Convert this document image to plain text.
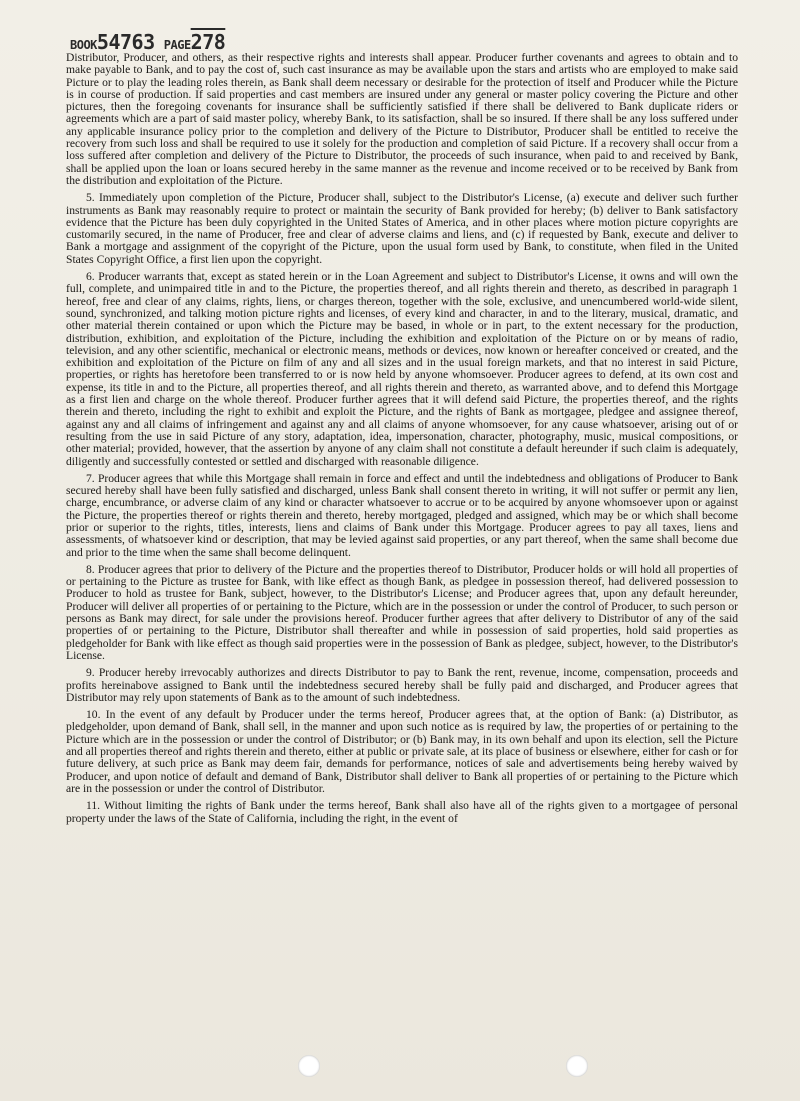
BOOK54763 PAGE278

Distributor, Producer, and others, as their respective rights and interests shall appear. Producer further covenants and agrees to obtain and to make payable to Bank, and to pay the cost of, such cast insurance as may be available upon the stars and artists who are employed to make said Picture or to play the leading roles therein, as Bank shall deem necessary or desirable for the protection of itself and Producer while the Picture is in course of production. If said properties and cast members are insured under any general or master policy covering the Picture and other pictures, then the foregoing covenants for insurance shall be sufficiently satisfied if there shall be delivered to Bank duplicate riders or agreements which are a part of said master policy, whereby Bank, to its satisfaction, shall be so insured. If there shall be any loss suffered under any applicable insurance policy prior to the completion and delivery of the Picture to Distributor, Producer shall be entitled to receive the recovery from such loss and shall be required to use it solely for the production and completion of said Picture. If a recovery shall occur from a loss suffered after completion and delivery of the Picture to Distributor, the proceeds of such insurance, when paid to and received by Bank, shall be applied upon the loan or loans secured hereby in the same manner as the revenue and income received or to be received by Bank from the distribution and exploitation of the Picture.

5. Immediately upon completion of the Picture, Producer shall, subject to the Distributor's License, (a) execute and deliver such further instruments as Bank may reasonably require to protect or maintain the security of Bank provided for hereby; (b) deliver to Bank satisfactory evidence that the Picture has been duly copyrighted in the United States of America, and in other places where motion picture copyrights are customarily secured, in the name of Producer, free and clear of adverse claims and liens, and (c) if requested by Bank, execute and deliver to Bank a mortgage and assignment of the copyright of the Picture, upon the usual form used by Bank, to constitute, when filed in the United States Copyright Office, a first lien upon the copyright.

6. Producer warrants that, except as stated herein or in the Loan Agreement and subject to Distributor's License, it owns and will own the full, complete, and unimpaired title in and to the Picture, the properties thereof, and all rights therein and thereto, as described in paragraph 1 hereof, free and clear of any claims, rights, liens, or charges thereon, together with the sole, exclusive, and unencumbered world-wide silent, sound, synchronized, and talking motion picture rights and licenses, of every kind and character, in and to the literary, musical, dramatic, and other material therein contained or upon which the Picture may be based, in whole or in part, to the extent necessary for the production, distribution, exhibition, and exploitation of the Picture, including the exhibition and exploitation of the Picture on or by means of radio, television, and any other scientific, mechanical or electronic means, methods or devices, now known or hereafter conceived or created, and the exhibition and exploitation of the Picture on film of any and all sizes and in the usual foreign markets, and that no interest in said Picture, properties, or rights has heretofore been transferred to or is now held by anyone whomsoever. Producer agrees to defend, at its own cost and expense, its title in and to the Picture, all properties thereof, and all rights therein and thereto, as warranted above, and to defend this Mortgage as a first lien and charge on the whole thereof. Producer further agrees that it will defend said Picture, the properties thereof, and the rights therein and thereto, including the right to exhibit and exploit the Picture, and the rights of Bank as mortgagee, pledgee and assignee thereof, against any and all claims of infringement and against any and all claims of anyone whomsoever, for any cause whatsoever, arising out of or resulting from the use in said Picture of any story, adaptation, idea, impersonation, character, photography, music, musical compositions, or other material; provided, however, that the assertion by anyone of any claim shall not constitute a default hereunder if such claim is adequately, diligently and successfully contested or settled and discharged with reasonable diligence.

7. Producer agrees that while this Mortgage shall remain in force and effect and until the indebtedness and obligations of Producer to Bank secured hereby shall have been fully satisfied and discharged, unless Bank shall consent thereto in writing, it will not suffer or permit any lien, charge, encumbrance, or adverse claim of any kind or character whatsoever to accrue or to be acquired by anyone whomsoever upon or against the Picture, the properties thereof or rights therein and thereto, hereby mortgaged, pledged and assigned, which may be or which shall become prior or superior to the rights, titles, interests, liens and claims of Bank under this Mortgage. Producer agrees to pay all taxes, liens and assessments, of whatsoever kind or description, that may be levied against said properties, or any part thereof, when the same shall become due and prior to the time when the same shall become delinquent.

8. Producer agrees that prior to delivery of the Picture and the properties thereof to Distributor, Producer holds or will hold all properties of or pertaining to the Picture as trustee for Bank, with like effect as though Bank, as pledgee in possession thereof, had delivered possession to Producer to hold as trustee for Bank, subject, however, to the Distributor's License; and Producer agrees that, upon any default hereunder, Producer will deliver all properties of or pertaining to the Picture, which are in the possession or under the control of Producer, to such person or persons as Bank may direct, for sale under the provisions hereof. Producer further agrees that after delivery to Distributor of any of the said properties of or pertaining to the Picture, Distributor shall thereafter and while in possession of said properties, hold said properties as pledgeholder for Bank with like effect as though said properties were in the possession of Bank as pledgee, subject, however, to the Distributor's License.

9. Producer hereby irrevocably authorizes and directs Distributor to pay to Bank the rent, revenue, income, compensation, proceeds and profits hereinabove assigned to Bank until the indebtedness secured hereby shall be fully paid and discharged, and Producer agrees that Distributor may rely upon statements of Bank as to the amount of such indebtedness.

10. In the event of any default by Producer under the terms hereof, Producer agrees that, at the option of Bank: (a) Distributor, as pledgeholder, upon demand of Bank, shall sell, in the manner and upon such notice as is required by law, the properties of or pertaining to the Picture which are in the possession or under the control of Distributor; or (b) Bank may, in its own behalf and upon its election, sell the Picture and all properties thereof and rights therein and thereto, either at public or private sale, at its place of business or elsewhere, either for cash or for future delivery, at such price as Bank may deem fair, demands for performance, notices of sale and advertisements being hereby waived by Producer, and upon notice of default and demand of Bank, Distributor shall deliver to Bank all properties of or pertaining to the Picture which are in the possession or under the control of Distributor.

11. Without limiting the rights of Bank under the terms hereof, Bank shall also have all of the rights given to a mortgagee of personal property under the laws of the State of California, including the right, in the event of
